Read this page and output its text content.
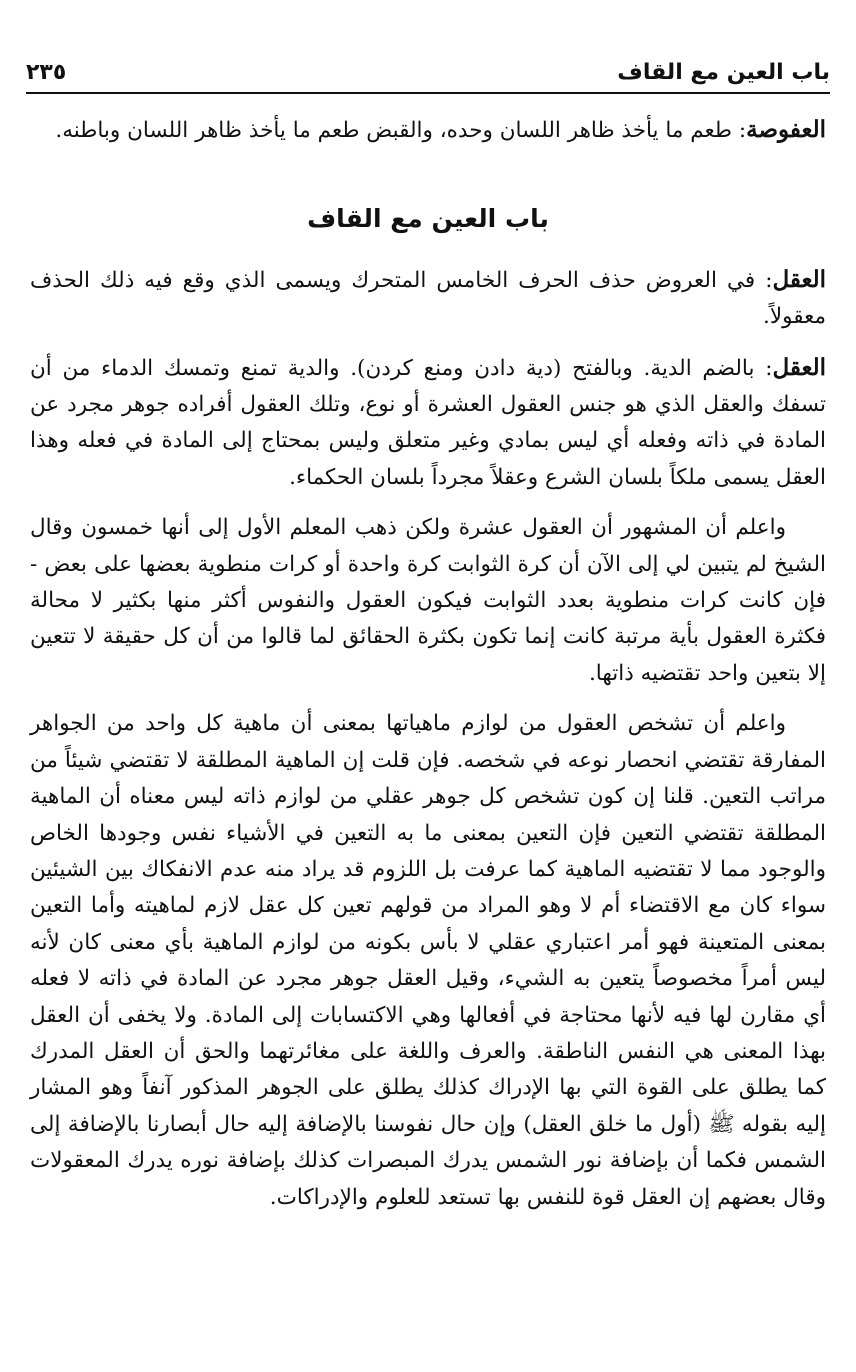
باب العين مع القاف
٢٣٥

العفوصة: طعم ما يأخذ ظاهر اللسان وحده، والقبض طعم ما يأخذ ظاهر اللسان وباطنه.

باب العين مع القاف

العقل: في العروض حذف الحرف الخامس المتحرك ويسمى الذي وقع فيه ذلك الحذف معقولاً.

العقل: بالضم الدية. وبالفتح (دية دادن ومنع كردن). والدية تمنع وتمسك الدماء من أن تسفك والعقل الذي هو جنس العقول العشرة أو نوع، وتلك العقول أفراده جوهر مجرد عن المادة في ذاته وفعله أي ليس بمادي وغير متعلق وليس بمحتاج إلى المادة في فعله وهذا العقل يسمى ملكاً بلسان الشرع وعقلاً مجرداً بلسان الحكماء.

واعلم أن المشهور أن العقول عشرة ولكن ذهب المعلم الأول إلى أنها خمسون وقال الشيخ لم يتبين لي إلى الآن أن كرة الثوابت كرة واحدة أو كرات منطوية بعضها على بعض - فإن كانت كرات منطوية بعدد الثوابت فيكون العقول والنفوس أكثر منها بكثير لا محالة فكثرة العقول بأية مرتبة كانت إنما تكون بكثرة الحقائق لما قالوا من أن كل حقيقة لا تتعين إلا بتعين واحد تقتضيه ذاتها.

واعلم أن تشخص العقول من لوازم ماهياتها بمعنى أن ماهية كل واحد من الجواهر المفارقة تقتضي انحصار نوعه في شخصه. فإن قلت إن الماهية المطلقة لا تقتضي شيئاً من مراتب التعين. قلنا إن كون تشخص كل جوهر عقلي من لوازم ذاته ليس معناه أن الماهية المطلقة تقتضي التعين فإن التعين بمعنى ما به التعين في الأشياء نفس وجودها الخاص والوجود مما لا تقتضيه الماهية كما عرفت بل اللزوم قد يراد منه عدم الانفكاك بين الشيئين سواء كان مع الاقتضاء أم لا وهو المراد من قولهم تعين كل عقل لازم لماهيته وأما التعين بمعنى المتعينة فهو أمر اعتباري عقلي لا بأس بكونه من لوازم الماهية بأي معنى كان لأنه ليس أمراً مخصوصاً يتعين به الشيء، وقيل العقل جوهر مجرد عن المادة في ذاته لا فعله أي مقارن لها فيه لأنها محتاجة في أفعالها وهي الاكتسابات إلى المادة. ولا يخفى أن العقل بهذا المعنى هي النفس الناطقة. والعرف واللغة على مغائرتهما والحق أن العقل المدرك كما يطلق على القوة التي بها الإدراك كذلك يطلق على الجوهر المذكور آنفاً وهو المشار إليه بقوله ﷺ (أول ما خلق العقل) وإن حال نفوسنا بالإضافة إليه حال أبصارنا بالإضافة إلى الشمس فكما أن بإضافة نور الشمس يدرك المبصرات كذلك بإضافة نوره يدرك المعقولات وقال بعضهم إن العقل قوة للنفس بها تستعد للعلوم والإدراكات.
